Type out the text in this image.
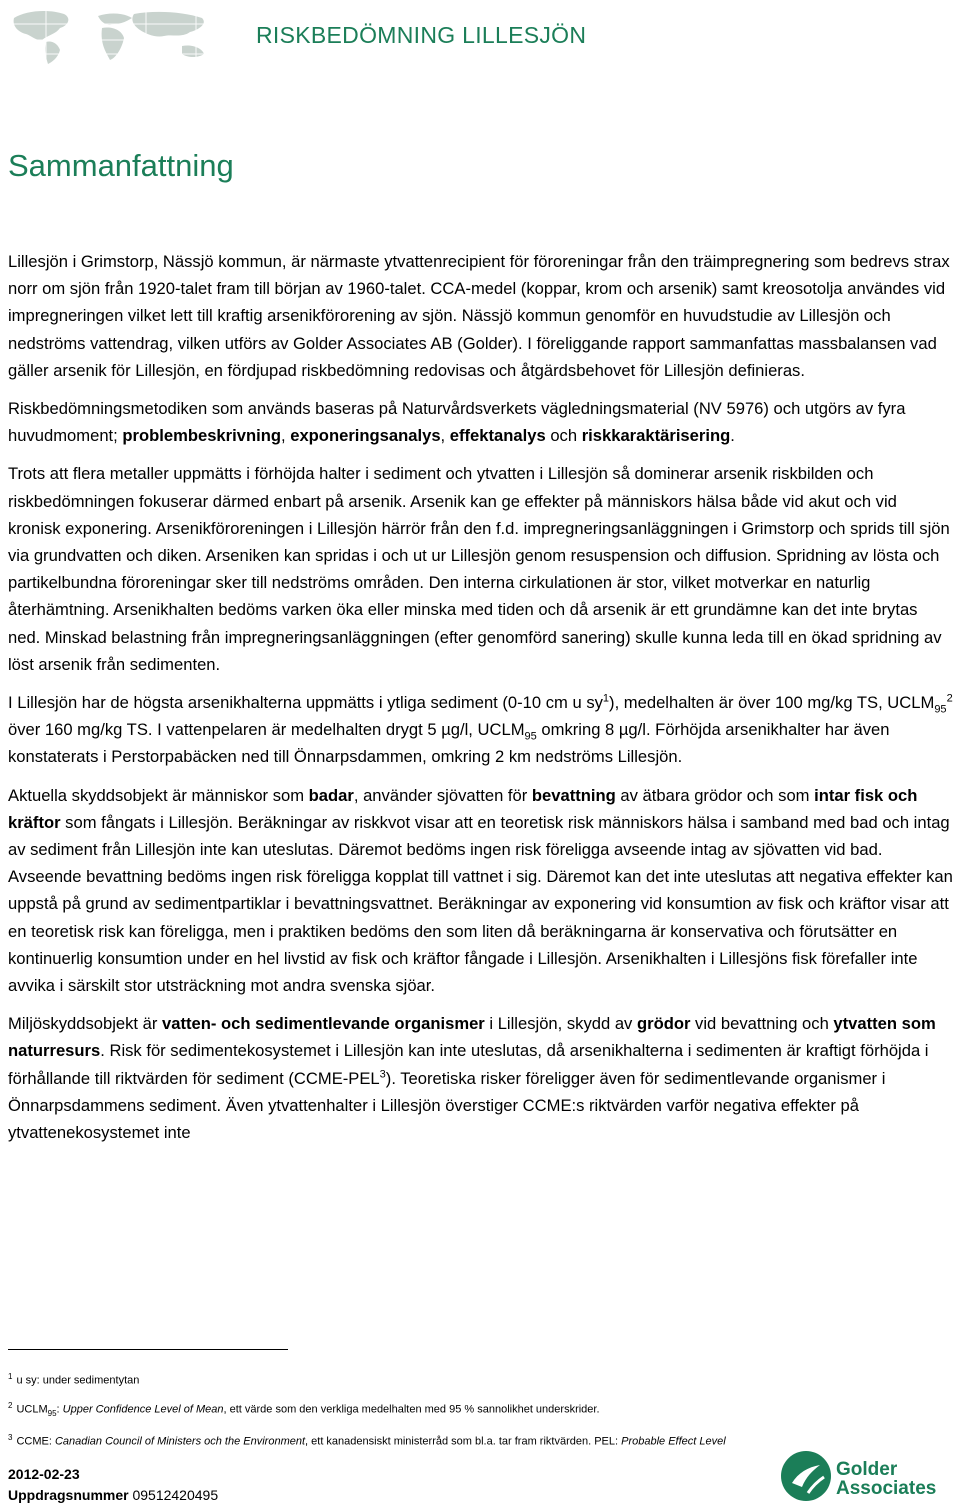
RISKBEDÖMNING LILLESJÖN
Sammanfattning

Lillesjön i Grimstorp, Nässjö kommun, är närmaste ytvattenrecipient för föroreningar från den träimpregnering som bedrevs strax norr om sjön från 1920-talet fram till början av 1960-talet. CCA-medel (koppar, krom och arsenik) samt kreosotolja användes vid impregneringen vilket lett till kraftig arsenikförorening av sjön. Nässjö kommun genomför en huvudstudie av Lillesjön och nedströms vattendrag, vilken utförs av Golder Associates AB (Golder). I föreliggande rapport sammanfattas massbalansen vad gäller arsenik för Lillesjön, en fördjupad riskbedömning redovisas och åtgärdsbehovet för Lillesjön definieras.

Riskbedömningsmetodiken som används baseras på Naturvårdsverkets vägledningsmaterial (NV 5976) och utgörs av fyra huvudmoment; problembeskrivning, exponeringsanalys, effektanalys och riskkaraktärisering.

Trots att flera metaller uppmätts i förhöjda halter i sediment och ytvatten i Lillesjön så dominerar arsenik riskbilden och riskbedömningen fokuserar därmed enbart på arsenik. Arsenik kan ge effekter på människors hälsa både vid akut och vid kronisk exponering. Arsenikföroreningen i Lillesjön härrör från den f.d. impregneringsanläggningen i Grimstorp och sprids till sjön via grundvatten och diken. Arseniken kan spridas i och ut ur Lillesjön genom resuspension och diffusion. Spridning av lösta och partikelbundna föroreningar sker till nedströms områden. Den interna cirkulationen är stor, vilket motverkar en naturlig återhämtning. Arsenikhalten bedöms varken öka eller minska med tiden och då arsenik är ett grundämne kan det inte brytas ned. Minskad belastning från impregneringsanläggningen (efter genomförd sanering) skulle kunna leda till en ökad spridning av löst arsenik från sedimenten.

I Lillesjön har de högsta arsenikhalterna uppmätts i ytliga sediment (0-10 cm u $sy^1$), medelhalten är över 100 mg/kg TS, $UCLM_{95}^2$ över 160 mg/kg TS. I vattenpelaren är medelhalten drygt 5 µg/l, $UCLM_{95}$ omkring 8 µg/l. Förhöjda arsenikhalter har även konstaterats i Perstorpabäcken ned till Önnarpsdammen, omkring 2 km nedströms Lillesjön.

Aktuella skyddsobjekt är människor som badar, använder sjövatten för bevattning av ätbara grödor och som intar fisk och kräftor som fångats i Lillesjön. Beräkningar av riskkvot visar att en teoretisk risk människors hälsa i samband med bad och intag av sediment från Lillesjön inte kan uteslutas. Däremot bedöms ingen risk föreligga avseende intag av sjövatten vid bad. Avseende bevattning bedöms ingen risk föreligga kopplat till vattnet i sig. Däremot kan det inte uteslutas att negativa effekter kan uppstå på grund av sedimentpartiklar i bevattningsvattnet. Beräkningar av exponering vid konsumtion av fisk och kräftor visar att en teoretisk risk kan föreligga, men i praktiken bedöms den som liten då beräkningarna är konservativa och förutsätter en kontinuerlig konsumtion under en hel livstid av fisk och kräftor fångade i Lillesjön. Arsenikhalten i Lillesjöns fisk förefaller inte avvika i särskilt stor utsträckning mot andra svenska sjöar.

Miljöskyddsobjekt är vatten- och sedimentlevande organismer i Lillesjön, skydd av grödor vid bevattning och ytvatten som naturresurs. Risk för sedimentekosystemet i Lillesjön kan inte uteslutas, då arsenikhalterna i sedimenten är kraftigt förhöjda i förhållande till riktvärden för sediment (CCME-PEL$^3$). Teoretiska risker föreligger även för sedimentlevande organismer i Önnarpsdammens sediment. Även ytvattenhalter i Lillesjön överstiger CCME:s riktvärden varför negativa effekter på ytvattenekosystemet inte

$^1$ u sy: under sedimentytan
$^2$ $UCLM_{95}$: Upper Confidence Level of Mean, ett värde som den verkliga medelhalten med 95 % sannolikhet underskrider.
$^3$ CCME: Canadian Council of Ministers och the Environment, ett kanadensiskt ministerråd som bl.a. tar fram riktvärden. PEL: Probable Effect Level
2012-02-23
Uppdragsnummer 09512420495
Golder
Associates
